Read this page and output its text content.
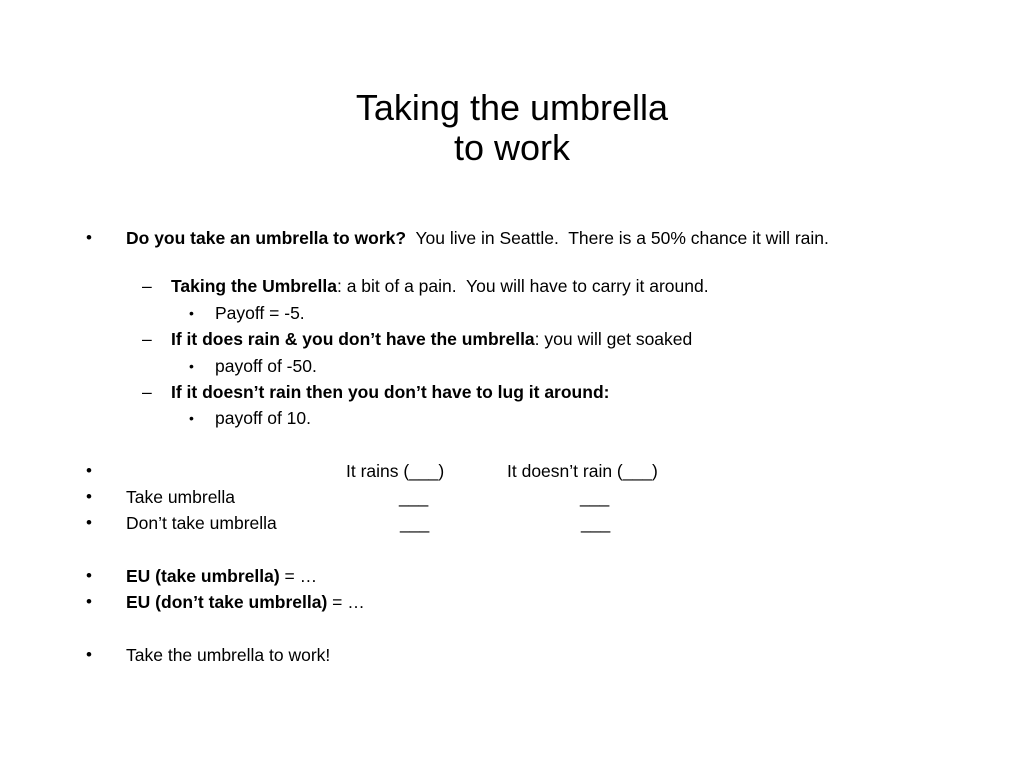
Taking the umbrella
to work
• Do you take an umbrella to work?  You live in Seattle.  There is a 50% chance it will rain.
– Taking the Umbrella: a bit of a pain.  You will have to carry it around.
• Payoff = -5.
– If it does rain & you don’t have the umbrella: you will get soaked
• payoff of -50.
– If it doesn’t rain then you don’t have to lug it around:
• payoff of 10.
•	It rains (___)	It doesn’t rain (___)
• Take umbrella	___	___
• Don’t take umbrella	___	___
• EU (take umbrella) = …
• EU (don’t take umbrella) = …
• Take the umbrella to work!
